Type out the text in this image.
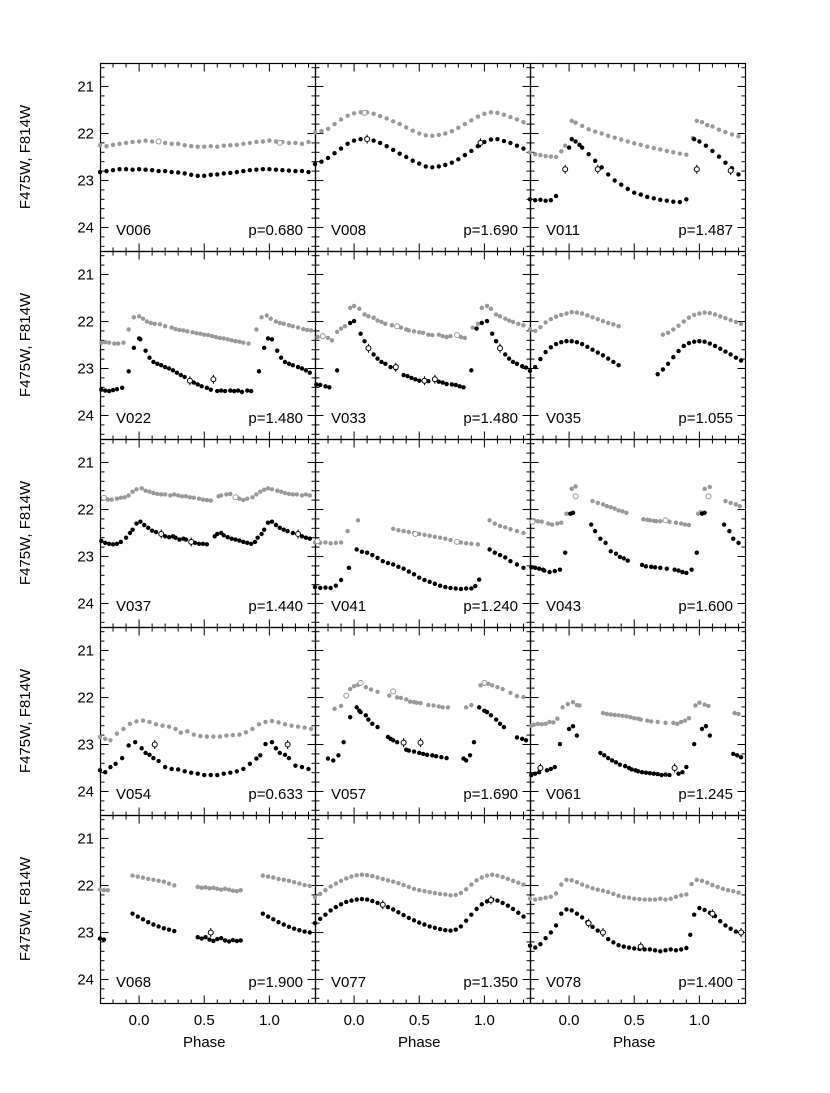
21
22
23
24
F475W, F814W
21
22
23
24
F475W, F814W
21
22
23
24
F475W, F814W
21
22
23
24
F475W, F814W
21
22
23
24
F475W, F814W
0.0	0.5	1.0
Phase
0.0	0.5	1.0
Phase
0.0	0.5	1.0
Phase
V006	p=0.680 V008	p=1.690 V011	p=1.487
V022	p=1.480 V033	p=1.480 V035	p=1.055
V037	p=1.440 V041	p=1.240 V043	p=1.600
V054	p=0.633 V057	p=1.690 V061	p=1.245
V068	p=1.900 V077	p=1.350 V078	p=1.400
